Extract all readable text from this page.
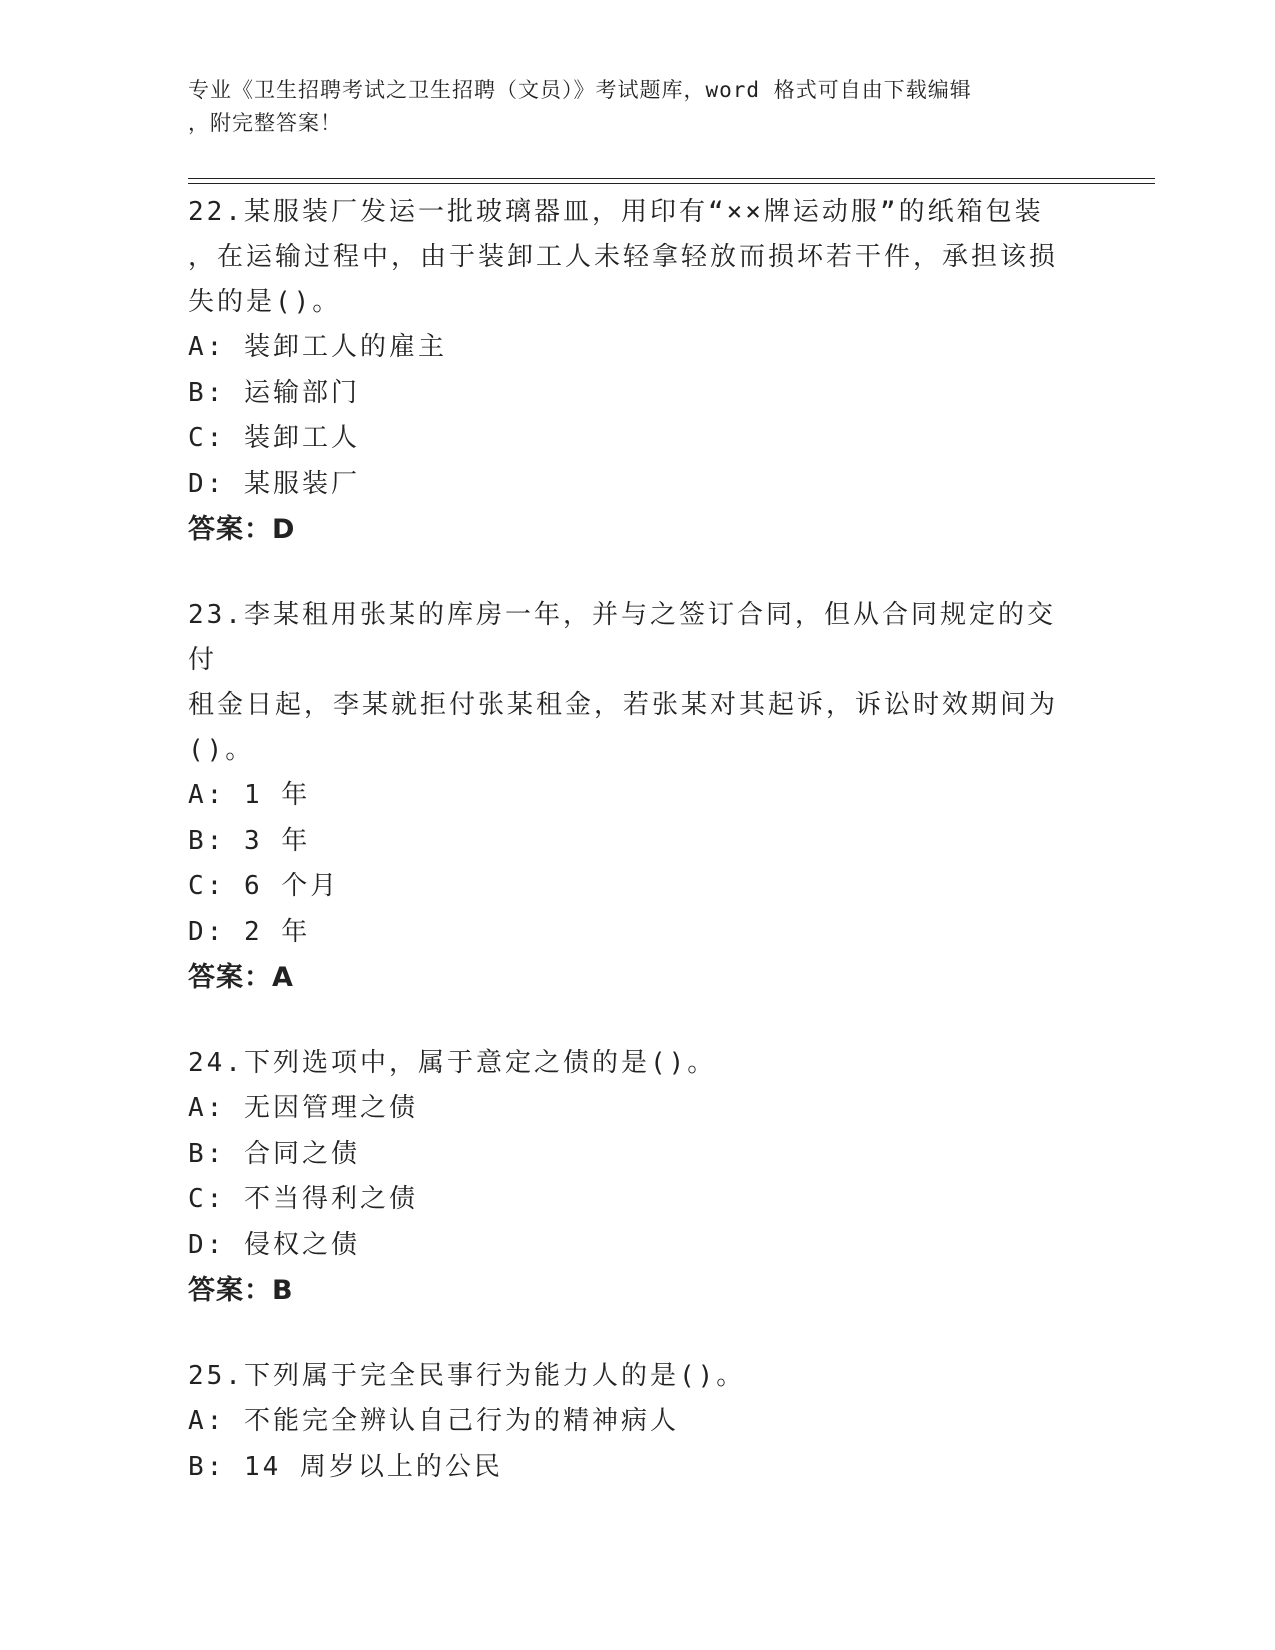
专业《卫生招聘考试之卫生招聘（文员）》考试题库，word 格式可自由下载编辑
，附完整答案！
22.某服装厂发运一批玻璃器皿，用印有“××牌运动服”的纸箱包装
，在运输过程中，由于装卸工人未轻拿轻放而损坏若干件，承担该损
失的是()。
A: 装卸工人的雇主
B: 运输部门
C: 装卸工人
D: 某服装厂
答案：D
23.李某租用张某的库房一年，并与之签订合同，但从合同规定的交付
租金日起，李某就拒付张某租金，若张某对其起诉，诉讼时效期间为
()。
A: 1 年
B: 3 年
C: 6 个月
D: 2 年
答案：A
24.下列选项中，属于意定之债的是()。
A: 无因管理之债
B: 合同之债
C: 不当得利之债
D: 侵权之债
答案：B
25.下列属于完全民事行为能力人的是()。
A: 不能完全辨认自己行为的精神病人
B: 14 周岁以上的公民
